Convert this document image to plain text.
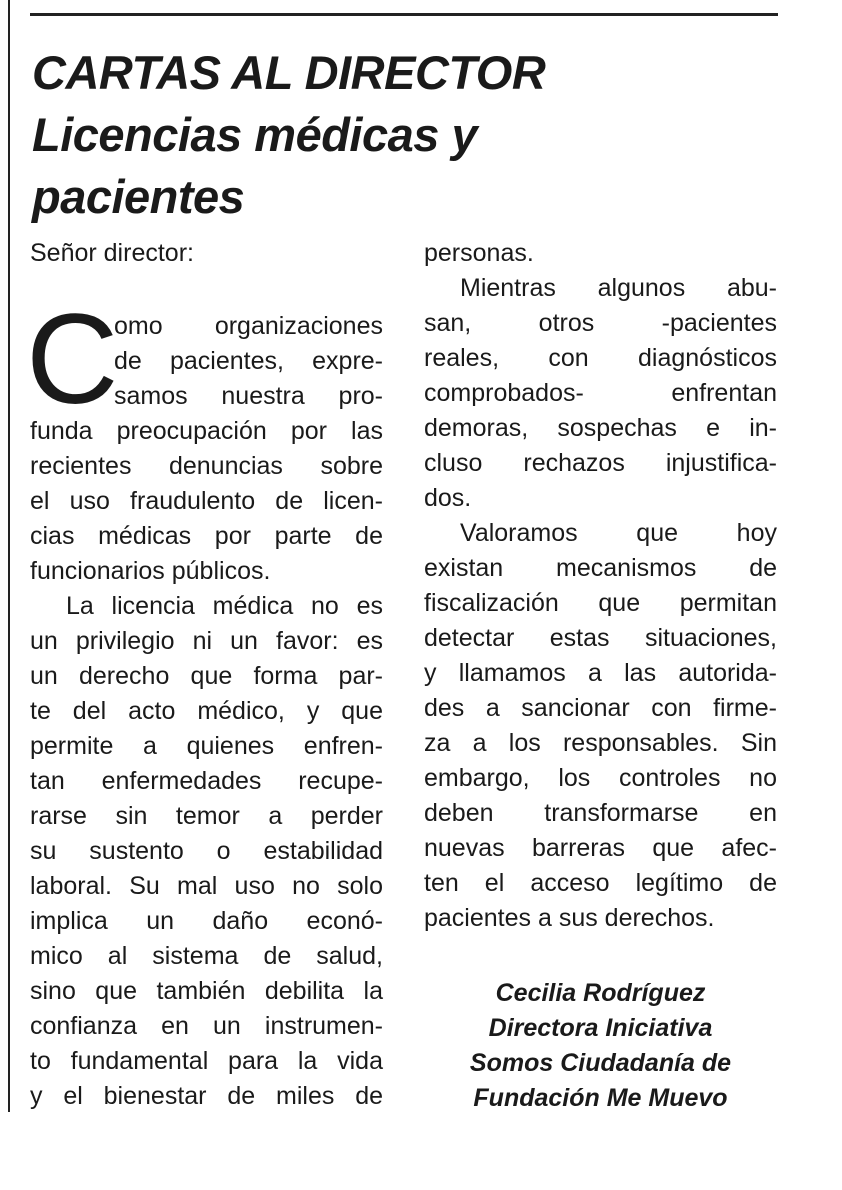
CARTAS AL DIRECTOR
Licencias médicas y
pacientes

Señor director:

C

omo organizaciones

de pacientes, expre-

samos nuestra pro-

funda preocupación por las

recientes denuncias sobre

el uso fraudulento de licen-

cias médicas por parte de

funcionarios públicos.

La licencia médica no es

un privilegio ni un favor: es

un derecho que forma par-

te del acto médico, y que

permite a quienes enfren-

tan enfermedades recupe-

rarse sin temor a perder

su sustento o estabilidad

laboral. Su mal uso no solo

implica un daño econó-

mico al sistema de salud,

sino que también debilita la

confianza en un instrumen-

to fundamental para la vida

y el bienestar de miles de

personas.

Mientras algunos abu-

san, otros -pacientes

reales, con diagnósticos

comprobados- enfrentan

demoras, sospechas e in-

cluso rechazos injustifica-

dos.

Valoramos que hoy

existan mecanismos de

fiscalización que permitan

detectar estas situaciones,

y llamamos a las autorida-

des a sancionar con firme-

za a los responsables. Sin

embargo, los controles no

deben transformarse en

nuevas barreras que afec-

ten el acceso legítimo de

pacientes a sus derechos.

Cecilia Rodríguez
Directora Iniciativa
Somos Ciudadanía de
Fundación Me Muevo
